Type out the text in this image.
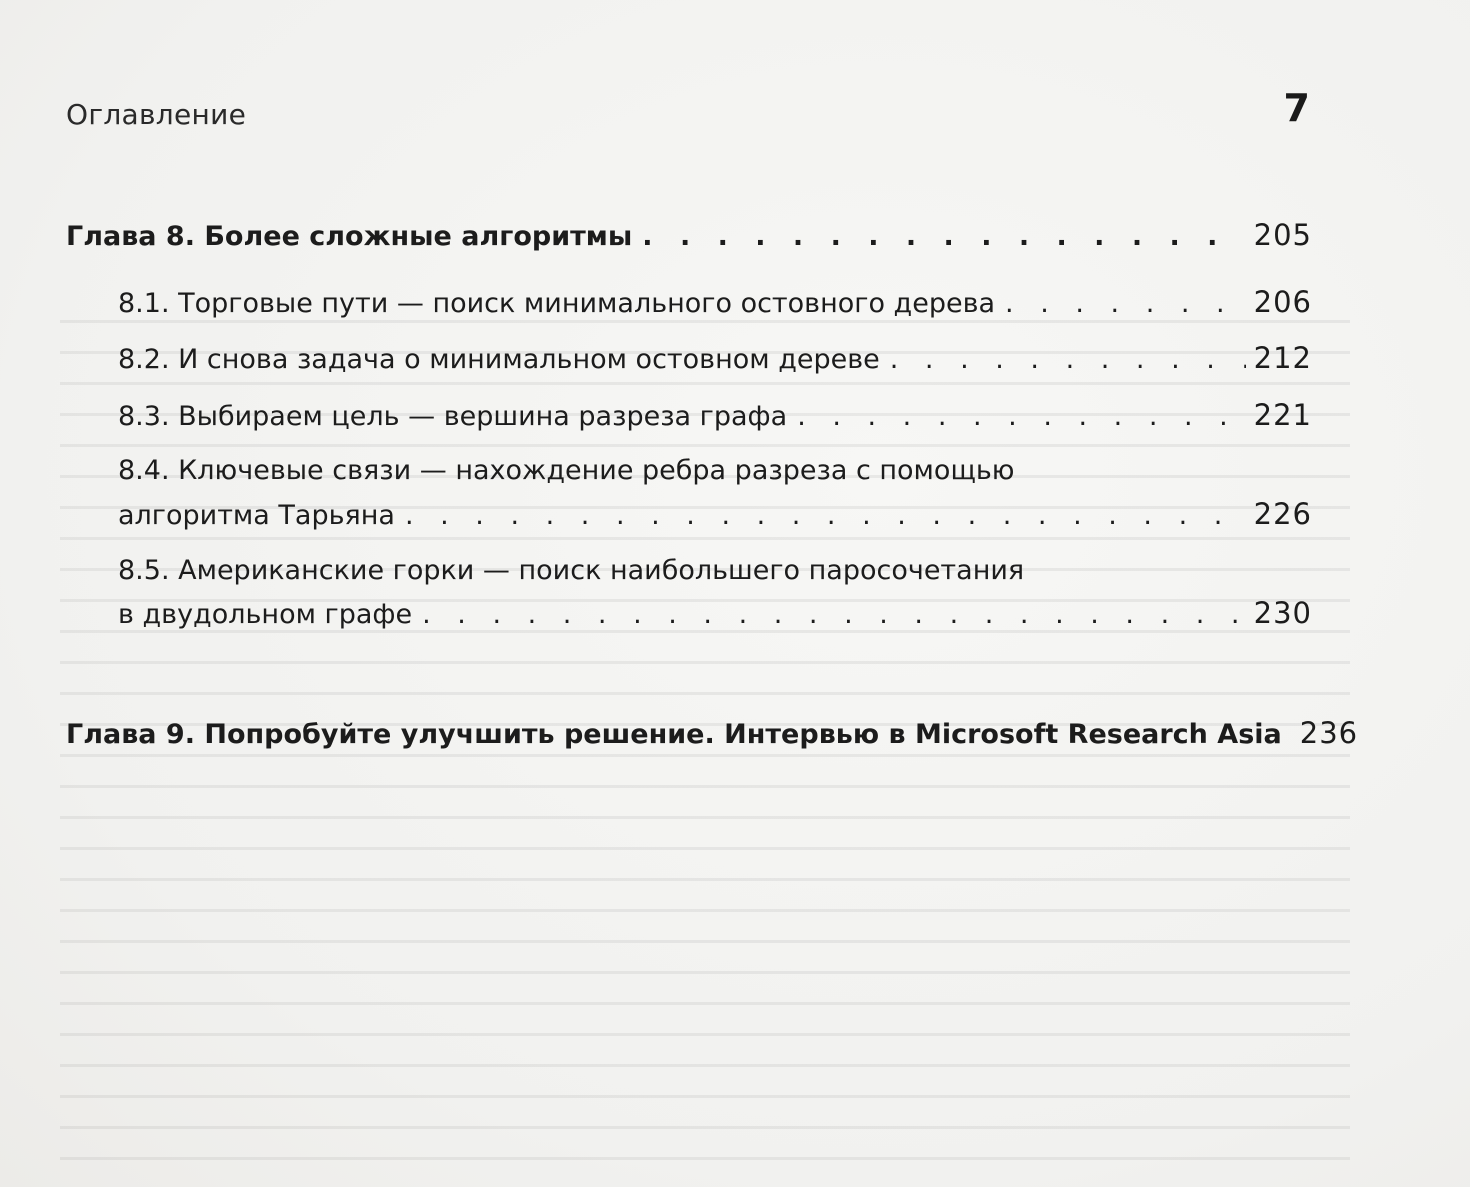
Оглавление	7
Глава 8. Более сложные алгоритмы . . .	205
8.1. Торговые пути — поиск минимального остовного дерева . . .	206
8.2. И снова задача о минимальном остовном дереве . . .	212
8.3. Выбираем цель — вершина разреза графа . . .	221
8.4. Ключевые связи — нахождение ребра разреза с помощью
алгоритма Тарьяна . . .	226
8.5. Американские горки — поиск наибольшего паросочетания
в двудольном графе . . .	230
Глава 9. Попробуйте улучшить решение. Интервью в Microsoft Research Asia 236
